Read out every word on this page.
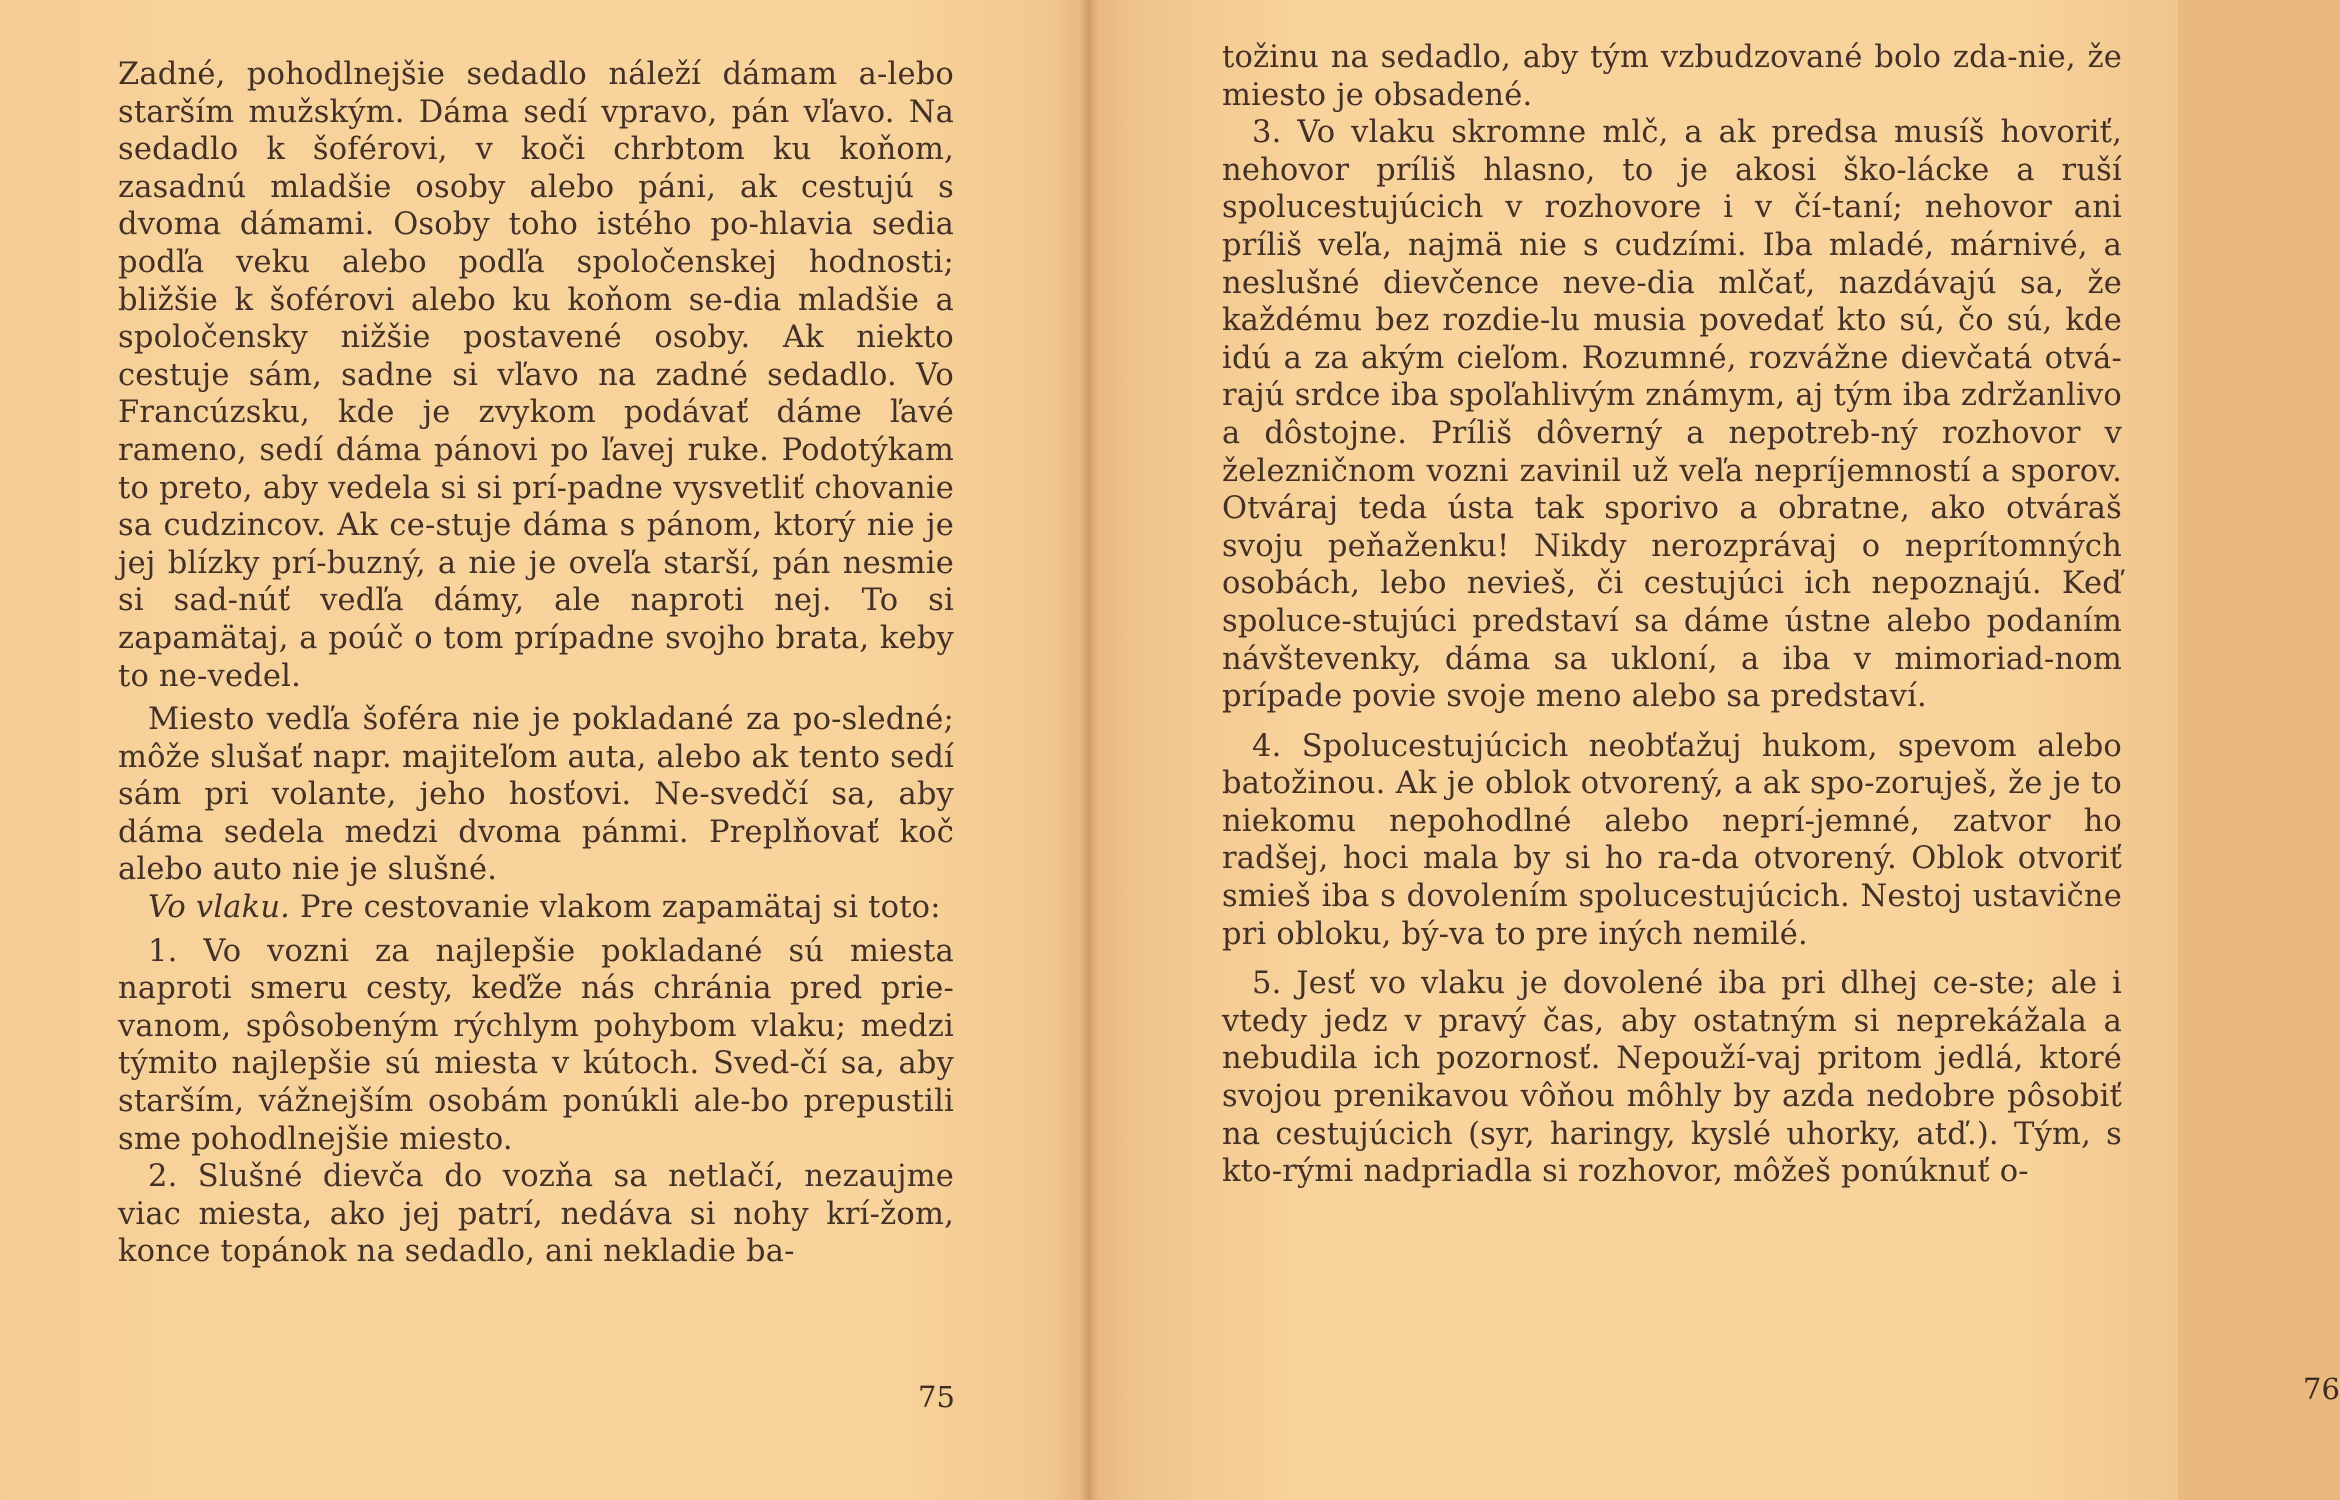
Zadné, pohodlnejšie sedadlo náleží dámam a-lebo starším mužským. Dáma sedí vpravo, pán vľavo. Na sedadlo k šoférovi, v koči chrbtom ku koňom, zasadnú mladšie osoby alebo páni, ak cestujú s dvoma dámami. Osoby toho istého po-hlavia sedia podľa veku alebo podľa spoločenskej hodnosti; bližšie k šoférovi alebo ku koňom se-dia mladšie a spoločensky nižšie postavené osoby. Ak niekto cestuje sám, sadne si vľavo na zadné sedadlo. Vo Francúzsku, kde je zvykom podávať dáme ľavé rameno, sedí dáma pánovi po ľavej ruke. Podotýkam to preto, aby vedela si si prí-padne vysvetliť chovanie sa cudzincov. Ak ce-stuje dáma s pánom, ktorý nie je jej blízky prí-buzný, a nie je oveľa starší, pán nesmie si sad-núť vedľa dámy, ale naproti nej. To si zapamätaj, a poúč o tom prípadne svojho brata, keby to ne-vedel.

Miesto vedľa šoféra nie je pokladané za po-sledné; môže slušať napr. majiteľom auta, alebo ak tento sedí sám pri volante, jeho hosťovi. Ne-svedčí sa, aby dáma sedela medzi dvoma pánmi. Preplňovať koč alebo auto nie je slušné.

Vo vlaku. Pre cestovanie vlakom zapamätaj si toto:

1. Vo vozni za najlepšie pokladané sú miesta naproti smeru cesty, keďže nás chránia pred prie-vanom, spôsobeným rýchlym pohybom vlaku; medzi týmito najlepšie sú miesta v kútoch. Sved-čí sa, aby starším, vážnejším osobám ponúkli ale-bo prepustili sme pohodlnejšie miesto.

2. Slušné dievča do vozňa sa netlačí, nezaujme viac miesta, ako jej patrí, nedáva si nohy krí-žom, konce topánok na sedadlo, ani nekladie ba-

75

tožinu na sedadlo, aby tým vzbudzované bolo zda-nie, že miesto je obsadené.

3. Vo vlaku skromne mlč, a ak predsa musíš hovoriť, nehovor príliš hlasno, to je akosi ško-lácke a ruší spolucestujúcich v rozhovore i v čí-taní; nehovor ani príliš veľa, najmä nie s cudzími. Iba mladé, márnivé, a neslušné dievčence neve-dia mlčať, nazdávajú sa, že každému bez rozdie-lu musia povedať kto sú, čo sú, kde idú a za akým cieľom. Rozumné, rozvážne dievčatá otvá-rajú srdce iba spoľahlivým známym, aj tým iba zdržanlivo a dôstojne. Príliš dôverný a nepotreb-ný rozhovor v železničnom vozni zavinil už veľa nepríjemností a sporov. Otváraj teda ústa tak sporivo a obratne, ako otváraš svoju peňaženku! Nikdy nerozprávaj o neprítomných osobách, lebo nevieš, či cestujúci ich nepoznajú. Keď spoluce-stujúci predstaví sa dáme ústne alebo podaním návštevenky, dáma sa ukloní, a iba v mimoriad-nom prípade povie svoje meno alebo sa predstaví.

4. Spolucestujúcich neobťažuj hukom, spevom alebo batožinou. Ak je oblok otvorený, a ak spo-zoruješ, že je to niekomu nepohodlné alebo neprí-jemné, zatvor ho radšej, hoci mala by si ho ra-da otvorený. Oblok otvoriť smieš iba s dovolením spolucestujúcich. Nestoj ustavične pri obloku, bý-va to pre iných nemilé.

5. Jesť vo vlaku je dovolené iba pri dlhej ce-ste; ale i vtedy jedz v pravý čas, aby ostatným si neprekážala a nebudila ich pozornosť. Nepouží-vaj pritom jedlá, ktoré svojou prenikavou vôňou môhly by azda nedobre pôsobiť na cestujúcich (syr, haringy, kyslé uhorky, atď.). Tým, s kto-rými nadpriadla si rozhovor, môžeš ponúknuť o-

76
